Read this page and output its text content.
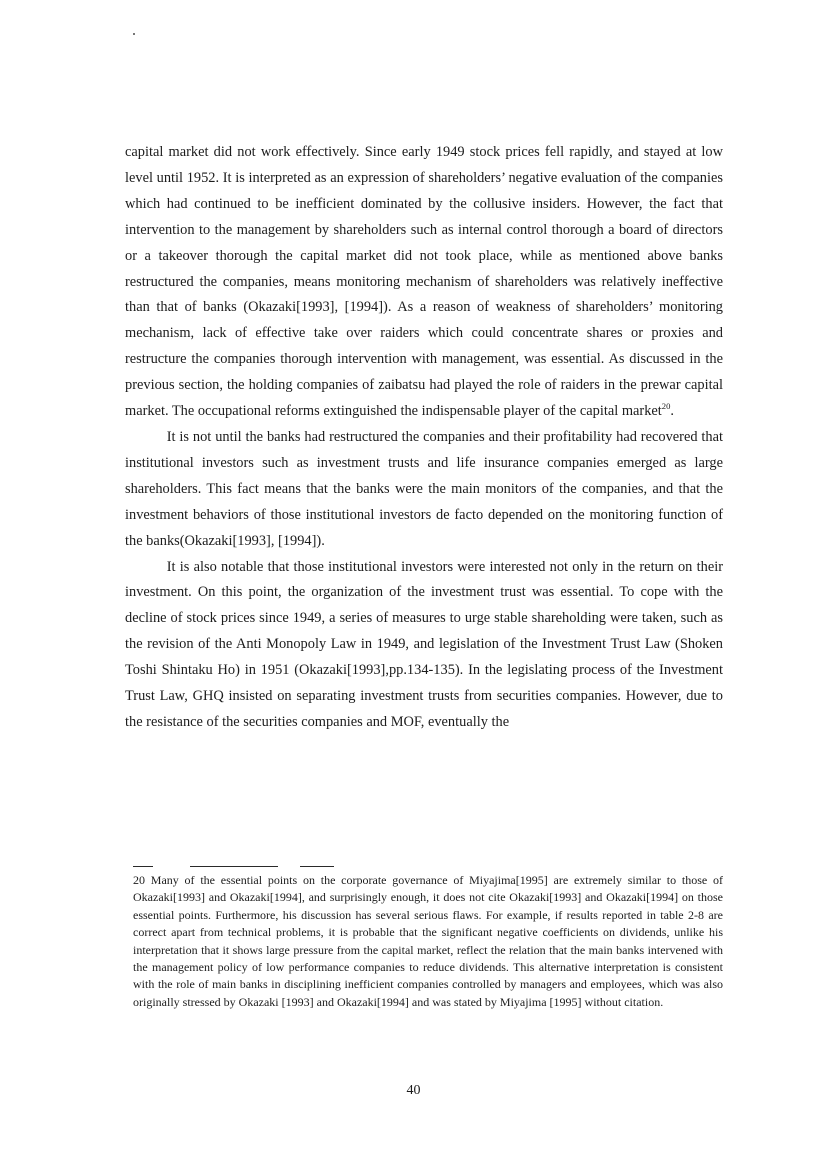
capital market did not work effectively. Since early 1949 stock prices fell rapidly, and stayed at low level until 1952. It is interpreted as an expression of shareholders’ negative evaluation of the companies which had continued to be inefficient dominated by the collusive insiders. However, the fact that intervention to the management by shareholders such as internal control thorough a board of directors or a takeover thorough the capital market did not took place, while as mentioned above banks restructured the companies, means monitoring mechanism of shareholders was relatively ineffective than that of banks (Okazaki[1993], [1994]). As a reason of weakness of shareholders’ monitoring mechanism, lack of effective take over raiders which could concentrate shares or proxies and restructure the companies thorough intervention with management, was essential. As discussed in the previous section, the holding companies of zaibatsu had played the role of raiders in the prewar capital market. The occupational reforms extinguished the indispensable player of the capital market$^{20}$.

It is not until the banks had restructured the companies and their profitability had recovered that institutional investors such as investment trusts and life insurance companies emerged as large shareholders. This fact means that the banks were the main monitors of the companies, and that the investment behaviors of those institutional investors de facto depended on the monitoring function of the banks(Okazaki[1993], [1994]).

It is also notable that those institutional investors were interested not only in the return on their investment. On this point, the organization of the investment trust was essential. To cope with the decline of stock prices since 1949, a series of measures to urge stable shareholding were taken, such as the revision of the Anti Monopoly Law in 1949, and legislation of the Investment Trust Law (Shoken Toshi Shintaku Ho) in 1951 (Okazaki[1993],pp.134-135). In the legislating process of the Investment Trust Law, GHQ insisted on separating investment trusts from securities companies. However, due to the resistance of the securities companies and MOF, eventually the

20 Many of the essential points on the corporate governance of Miyajima[1995] are extremely similar to those of Okazaki[1993] and Okazaki[1994], and surprisingly enough, it does not cite Okazaki[1993] and Okazaki[1994] on those essential points. Furthermore, his discussion has several serious flaws. For example, if results reported in table 2-8 are correct apart from technical problems, it is probable that the significant negative coefficients on dividends, unlike his interpretation that it shows large pressure from the capital market, reflect the relation that the main banks intervened with the management policy of low performance companies to reduce dividends. This alternative interpretation is consistent with the role of main banks in disciplining inefficient companies controlled by managers and employees, which was also originally stressed by Okazaki [1993] and Okazaki[1994] and was stated by Miyajima [1995] without citation.

40
